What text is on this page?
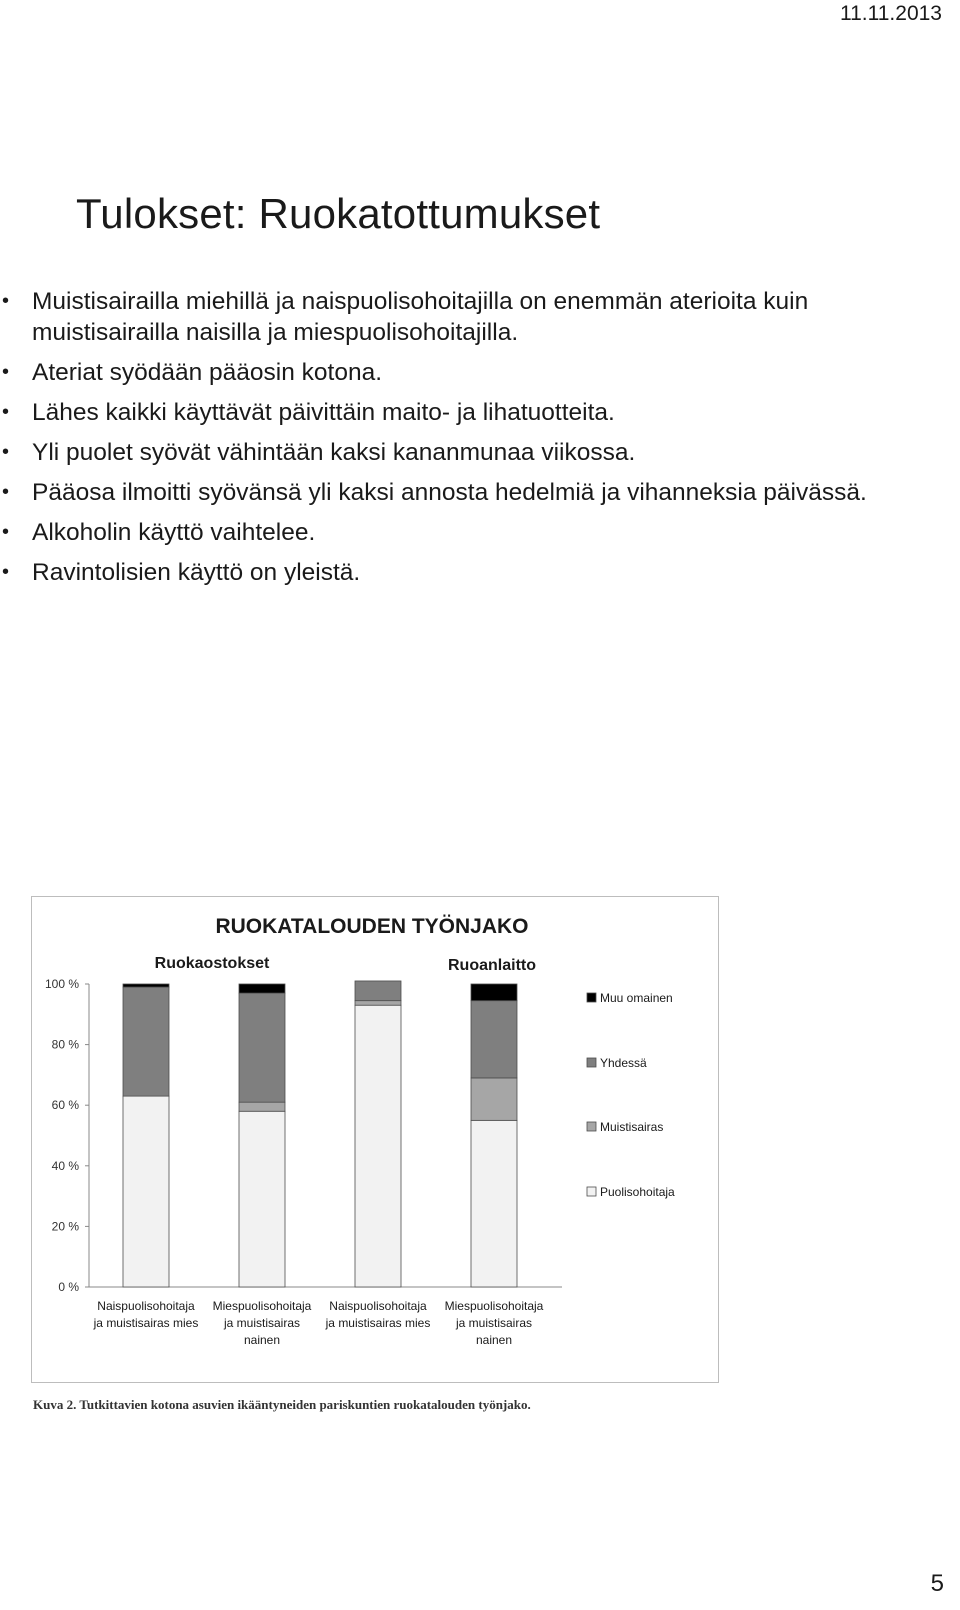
11.11.2013
Tulokset: Ruokatottumukset
• Muistisairailla miehillä ja naispuolisohoitajilla on enemmän aterioita kuin muistisairailla naisilla ja miespuolisohoitajilla.
• Ateriat syödään pääosin kotona.
• Lähes kaikki käyttävät päivittäin maito- ja lihatuotteita.
• Yli puolet syövät vähintään kaksi kananmunaa viikossa.
• Pääosa ilmoitti syövänsä yli kaksi annosta hedelmiä ja vihanneksia päivässä.
• Alkoholin käyttö vaihtelee.
• Ravintolisien käyttö on yleistä.
RUOKATALOUDEN TYÖNJAKO
Ruokaostokset	Ruoanlaitto
0 %
20 %
40 %
60 %
80 %
100 %
Naispuolisohoitaja
ja muistisairas mies
Miespuolisohoitaja
ja muistisairas
nainen
Naispuolisohoitaja
ja muistisairas mies
Miespuolisohoitaja
ja muistisairas
nainen
Muu omainen
Yhdessä
Muistisairas
Puolisohoitaja
Kuva 2. Tutkittavien kotona asuvien ikääntyneiden pariskuntien ruokatalouden työnjako.
5
